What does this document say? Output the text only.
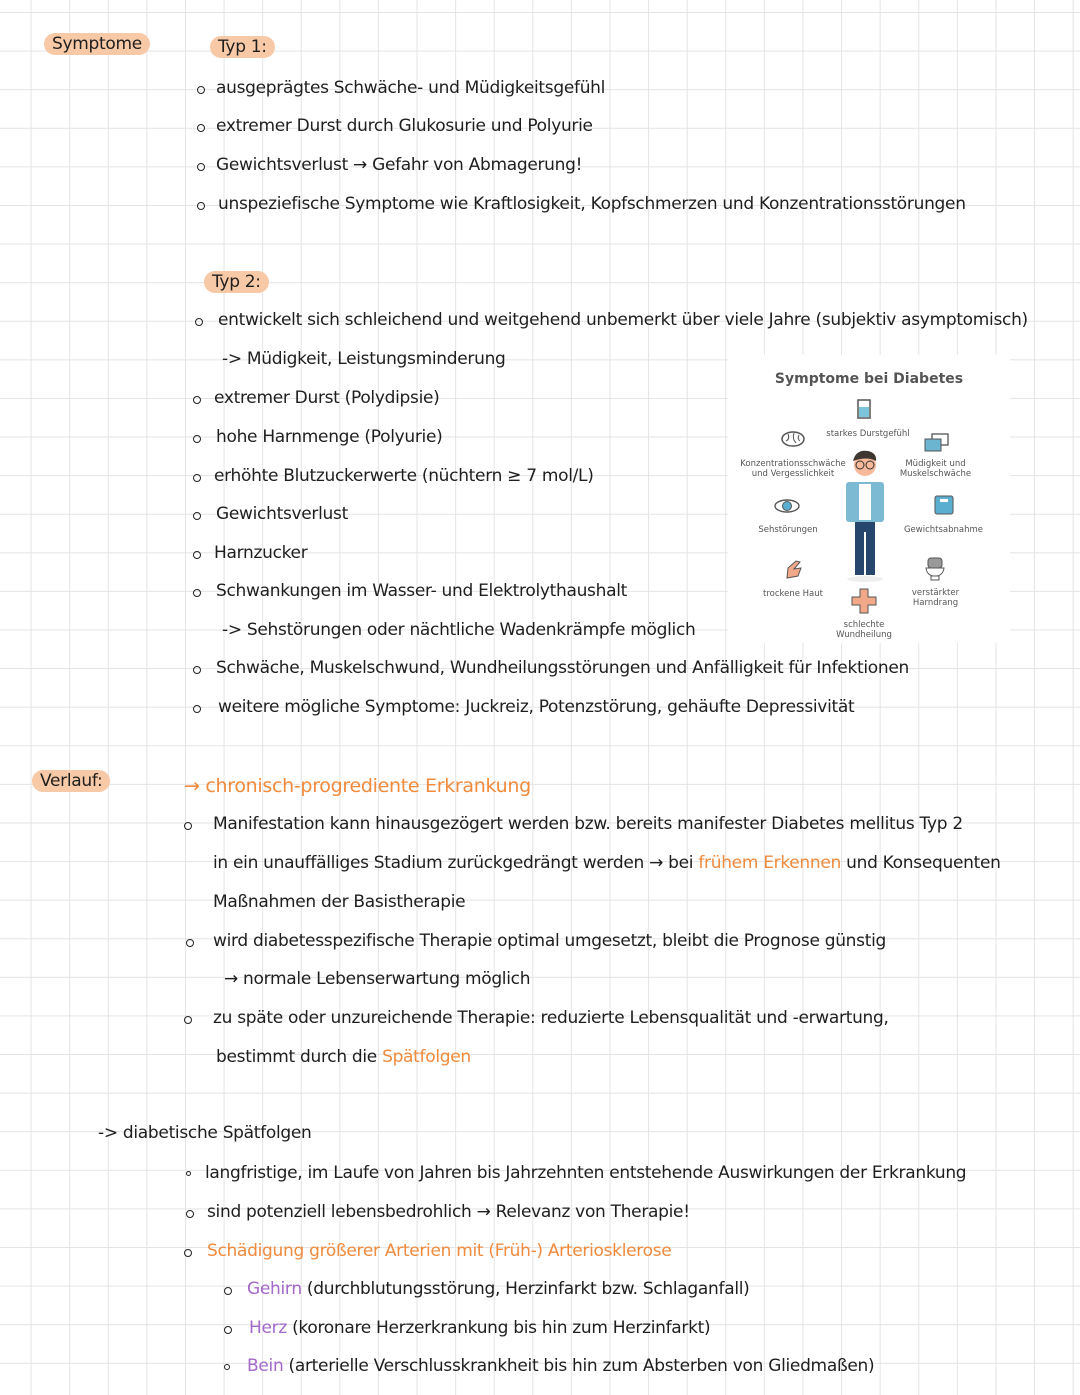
Symptome	Typ 1:
ausgeprägtes Schwäche- und Müdigkeitsgefühl
extremer Durst durch Glukosurie und Polyurie
Gewichtsverlust → Gefahr von Abmagerung!
unspeziefische Symptome wie Kraftlosigkeit, Kopfschmerzen und Konzentrationsstörungen
Typ 2:
entwickelt sich schleichend und weitgehend unbemerkt über viele Jahre (subjektiv asymptomisch)
-> Müdigkeit, Leistungsminderung
extremer Durst (Polydipsie)
hohe Harnmenge (Polyurie)
erhöhte Blutzuckerwerte (nüchtern ≥ 7 mol/L)
Gewichtsverlust
Harnzucker
Schwankungen im Wasser- und Elektrolythaushalt
-> Sehstörungen oder nächtliche Wadenkrämpfe möglich
Schwäche, Muskelschwund, Wundheilungsstörungen und Anfälligkeit für Infektionen
weitere mögliche Symptome: Juckreiz, Potenzstörung, gehäufte Depressivität
Symptome bei Diabetes
starkes Durstgefühl
Konzentrationsschwäche und Vergesslichkeit
Müdigkeit und Muskelschwäche
Sehstörungen	Gewichtsabnahme
trockene Haut	verstärkter Harndrang
schlechte Wundheilung
Verlauf:	→ chronisch-progrediente Erkrankung
Manifestation kann hinausgezögert werden bzw. bereits manifester Diabetes mellitus Typ 2
in ein unauffälliges Stadium zurückgedrängt werden → bei frühem Erkennen und Konsequenten
Maßnahmen der Basistherapie
wird diabetesspezifische Therapie optimal umgesetzt, bleibt die Prognose günstig
→ normale Lebenserwartung möglich
zu späte oder unzureichende Therapie: reduzierte Lebensqualität und -erwartung,
bestimmt durch die Spätfolgen
-> diabetische Spätfolgen
langfristige, im Laufe von Jahren bis Jahrzehnten entstehende Auswirkungen der Erkrankung
sind potenziell lebensbedrohlich → Relevanz von Therapie!
Schädigung größerer Arterien mit (Früh-) Arteriosklerose
Gehirn (durchblutungsstörung, Herzinfarkt bzw. Schlaganfall)
Herz (koronare Herzerkrankung bis hin zum Herzinfarkt)
Bein (arterielle Verschlusskrankheit bis hin zum Absterben von Gliedmaßen)
